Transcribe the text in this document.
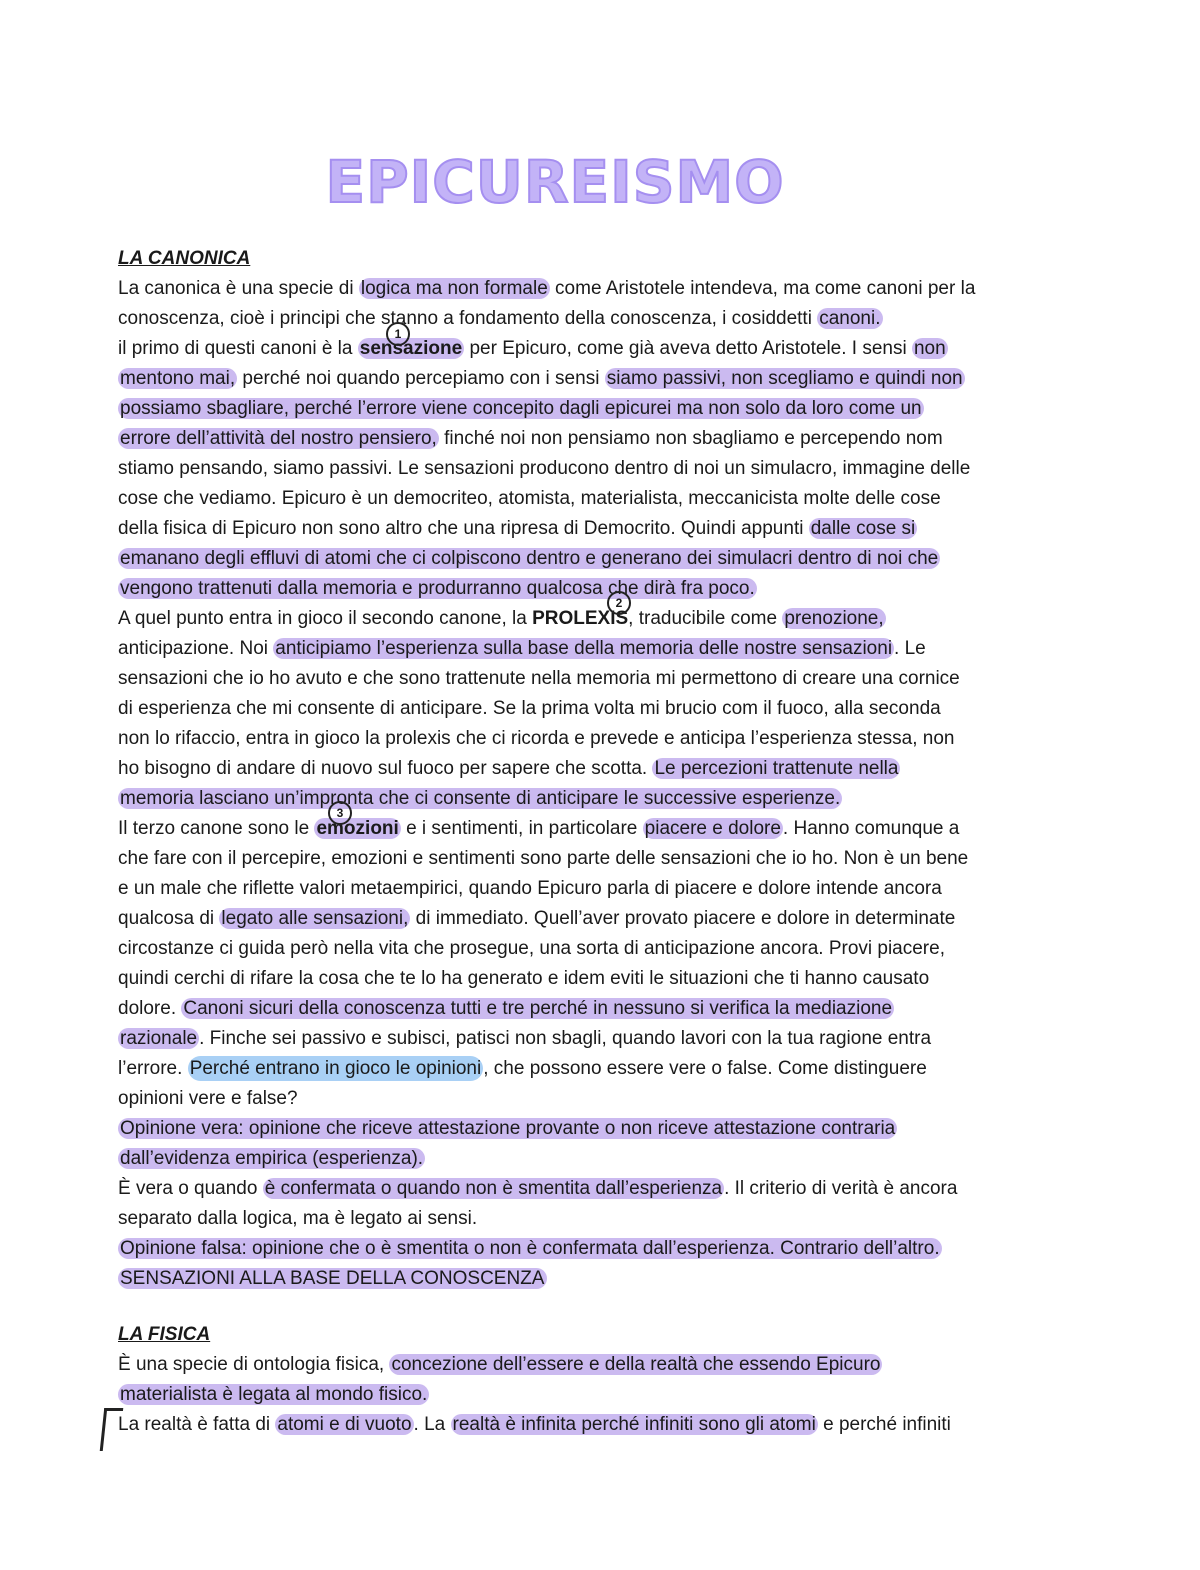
EPICUREISMO
LA CANONICA
La canonica è una specie di logica ma non formale come Aristotele intendeva, ma come canoni per la
conoscenza, cioè i principi che stanno a fondamento della conoscenza, i cosiddetti canoni.
il primo di questi canoni è la sensazione per Epicuro, come già aveva detto Aristotele. I sensi non
mentono mai, perché noi quando percepiamo con i sensi siamo passivi, non scegliamo e quindi non
possiamo sbagliare, perché l’errore viene concepito dagli epicurei ma non solo da loro come un
errore dell’attività del nostro pensiero, finché noi non pensiamo non sbagliamo e percependo nom
stiamo pensando, siamo passivi. Le sensazioni producono dentro di noi un simulacro, immagine delle
cose che vediamo. Epicuro è un democriteo, atomista, materialista, meccanicista molte delle cose
della fisica di Epicuro non sono altro che una ripresa di Democrito. Quindi appunti dalle cose si
emanano degli effluvi di atomi che ci colpiscono dentro e generano dei simulacri dentro di noi che
vengono trattenuti dalla memoria e produrranno qualcosa che dirà fra poco.
A quel punto entra in gioco il secondo canone, la PROLEXIS, traducibile come prenozione,
anticipazione. Noi anticipiamo l’esperienza sulla base della memoria delle nostre sensazioni . Le
sensazioni che io ho avuto e che sono trattenute nella memoria mi permettono di creare una cornice
di esperienza che mi consente di anticipare. Se la prima volta mi brucio com il fuoco, alla seconda
non lo rifaccio, entra in gioco la prolexis che ci ricorda e prevede e anticipa l’esperienza stessa, non
ho bisogno di andare di nuovo sul fuoco per sapere che scotta. Le percezioni trattenute nella
memoria lasciano un’impronta che ci consente di anticipare le successive esperienze.
Il terzo canone sono le emozioni e i sentimenti, in particolare piacere e dolore . Hanno comunque a
che fare con il percepire, emozioni e sentimenti sono parte delle sensazioni che io ho. Non è un bene
e un male che riflette valori metaempirici, quando Epicuro parla di piacere e dolore intende ancora
qualcosa di legato alle sensazioni, di immediato. Quell’aver provato piacere e dolore in determinate
circostanze ci guida però nella vita che prosegue, una sorta di anticipazione ancora. Provi piacere,
quindi cerchi di rifare la cosa che te lo ha generato e idem eviti le situazioni che ti hanno causato
dolore. Canoni sicuri della conoscenza tutti e tre perché in nessuno si verifica la mediazione
razionale . Finche sei passivo e subisci, patisci non sbagli, quando lavori con la tua ragione entra
l’errore. Perché entrano in gioco le opinioni , che possono essere vere o false. Come distinguere
opinioni vere e false?
Opinione vera: opinione che riceve attestazione provante o non riceve attestazione contraria
dall’evidenza empirica (esperienza).
È vera o quando è confermata o quando non è smentita dall’esperienza . Il criterio di verità è ancora
separato dalla logica, ma è legato ai sensi.
Opinione falsa: opinione che o è smentita o non è confermata dall’esperienza. Contrario dell’altro.
SENSAZIONI ALLA BASE DELLA CONOSCENZA
LA FISICA
È una specie di ontologia fisica, concezione dell’essere e della realtà che essendo Epicuro
materialista è legata al mondo fisico.
La realtà è fatta di atomi e di vuoto . La realtà è infinita perché infiniti sono gli atomi e perché infiniti
1
2
3
